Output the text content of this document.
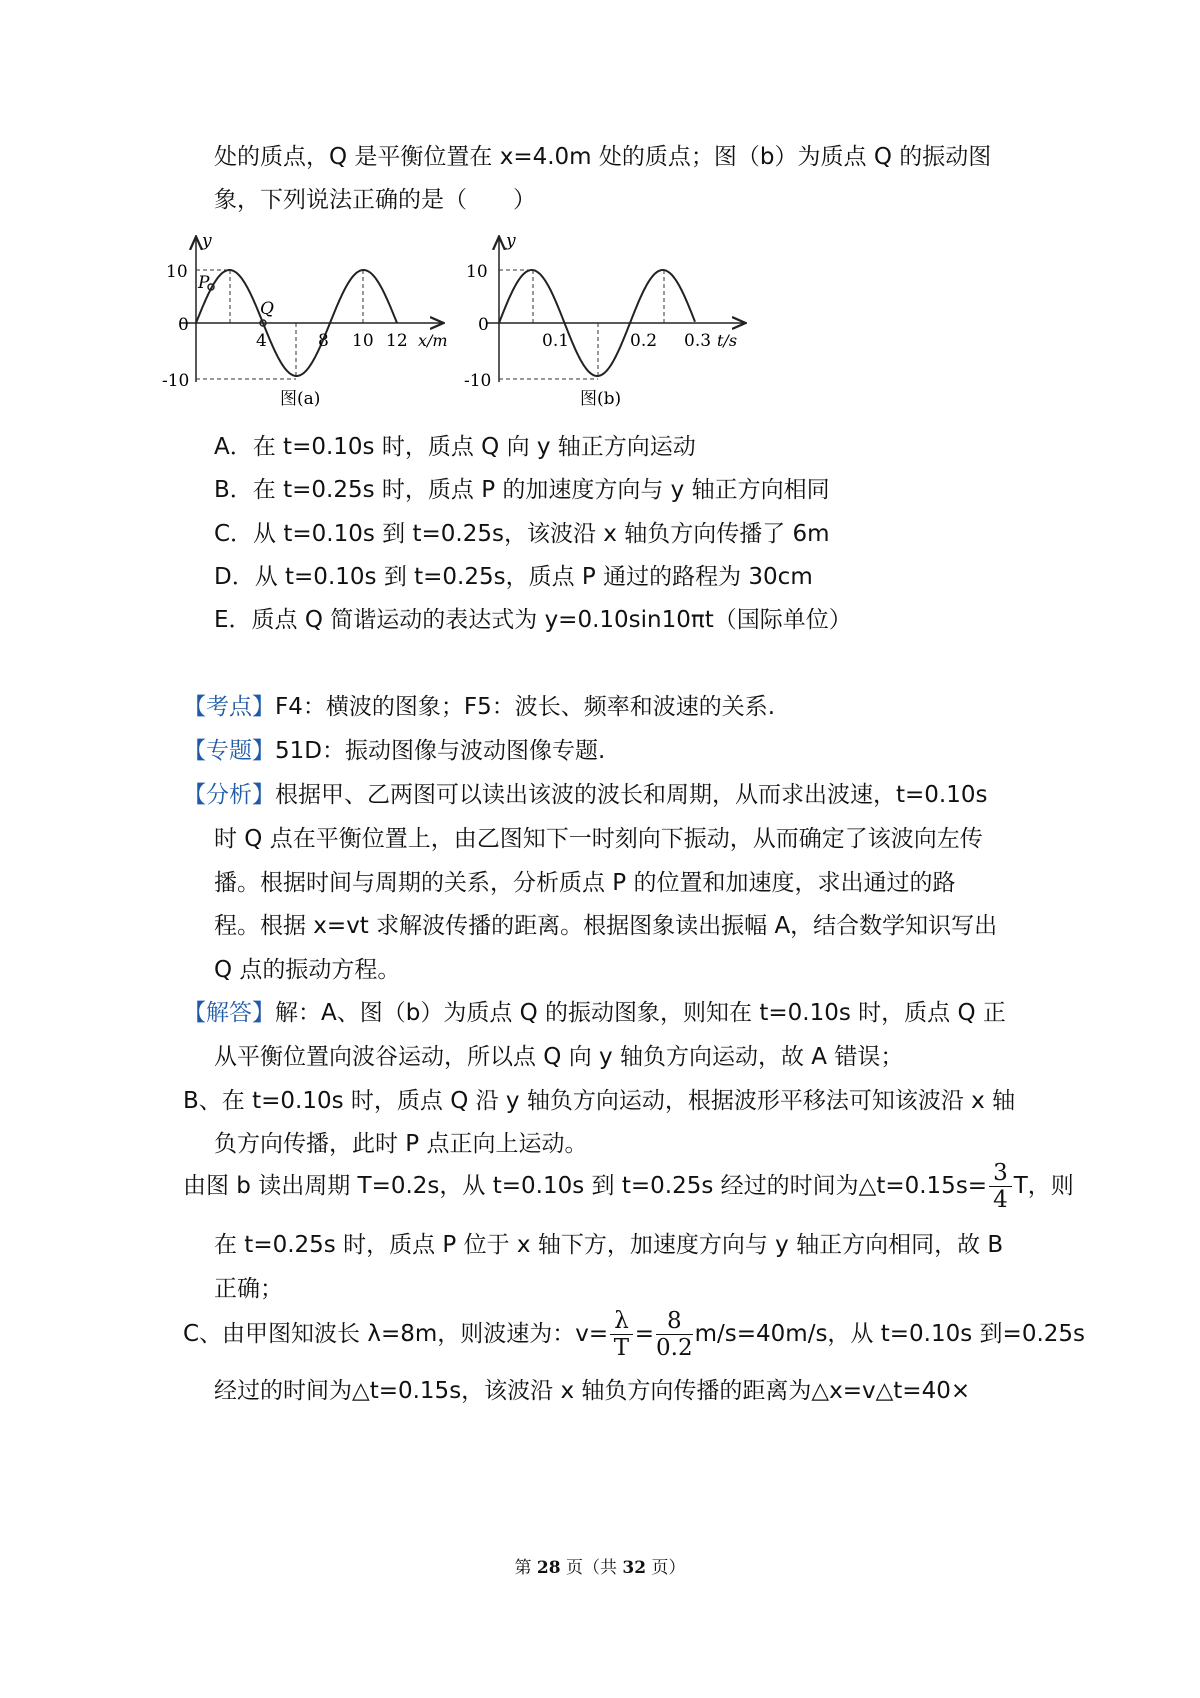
处的质点，Q 是平衡位置在 x=4.0m 处的质点；图（b）为质点 Q 的振动图
象，下列说法正确的是（　　）
y
10
0
-10
4	8 10 12 x/m
P
Q
图(a)
y
10
0
-10
0.1	0.2 0.3 t/s
图(b)
A．在 t=0.10s 时，质点 Q 向 y 轴正方向运动
B．在 t=0.25s 时，质点 P 的加速度方向与 y 轴正方向相同
C．从 t=0.10s 到 t=0.25s，该波沿 x 轴负方向传播了 6m
D．从 t=0.10s 到 t=0.25s，质点 P 通过的路程为 30cm
E．质点 Q 简谐运动的表达式为 y=0.10sin10πt（国际单位）
【考点】F4：横波的图象；F5：波长、频率和波速的关系.
【专题】51D：振动图像与波动图像专题.
【分析】根据甲、乙两图可以读出该波的波长和周期，从而求出波速，t=0.10s
时 Q 点在平衡位置上，由乙图知下一时刻向下振动，从而确定了该波向左传
播。根据时间与周期的关系，分析质点 P 的位置和加速度，求出通过的路
程。根据 x=vt 求解波传播的距离。根据图象读出振幅 A，结合数学知识写出
Q 点的振动方程。
【解答】解：A、图（b）为质点 Q 的振动图象，则知在 t=0.10s 时，质点 Q 正
从平衡位置向波谷运动，所以点 Q 向 y 轴负方向运动，故 A 错误；
B、在 t=0.10s 时，质点 Q 沿 y 轴负方向运动，根据波形平移法可知该波沿 x 轴
负方向传播，此时 P 点正向上运动。
由图 b 读出周期 T=0.2s，从 t=0.10s 到 t=0.25s 经过的时间为△t=0.15s= $\frac{3}{4}$ T，则
在 t=0.25s 时，质点 P 位于 x 轴下方，加速度方向与 y 轴正方向相同，故 B
正确；
C、由甲图知波长 λ=8m，则波速为：$v= \frac{\lambda}{T} = \frac{8}{0.2} m/s=40m/s$，从 t=0.10s 到=0.25s
经过的时间为△t=0.15s，该波沿 x 轴负方向传播的距离为△x=v△t=40×
第 28 页（共 32 页）
